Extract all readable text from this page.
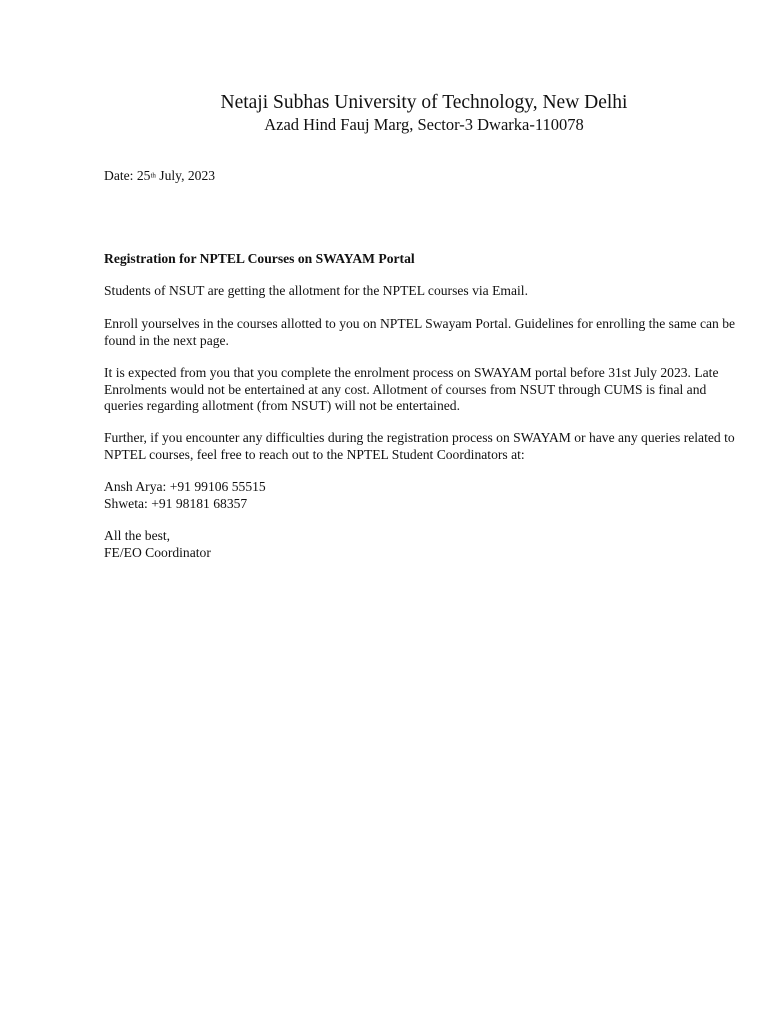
Netaji Subhas University of Technology, New Delhi
Azad Hind Fauj Marg, Sector-3 Dwarka-110078
Date: 25th July, 2023
Registration for NPTEL Courses on SWAYAM Portal
Students of NSUT are getting the allotment for the NPTEL courses via Email.
Enroll yourselves in the courses allotted to you on NPTEL Swayam Portal. Guidelines for enrolling the same can be found in the next page.
It is expected from you that you complete the enrolment process on SWAYAM portal before 31st July 2023. Late Enrolments would not be entertained at any cost. Allotment of courses from NSUT through CUMS is final and queries regarding allotment (from NSUT) will not be entertained.
Further, if you encounter any difficulties during the registration process on SWAYAM or have any queries related to NPTEL courses, feel free to reach out to the NPTEL Student Coordinators at:
Ansh Arya: +91 99106 55515
Shweta: +91 98181 68357
All the best,
FE/EO Coordinator
